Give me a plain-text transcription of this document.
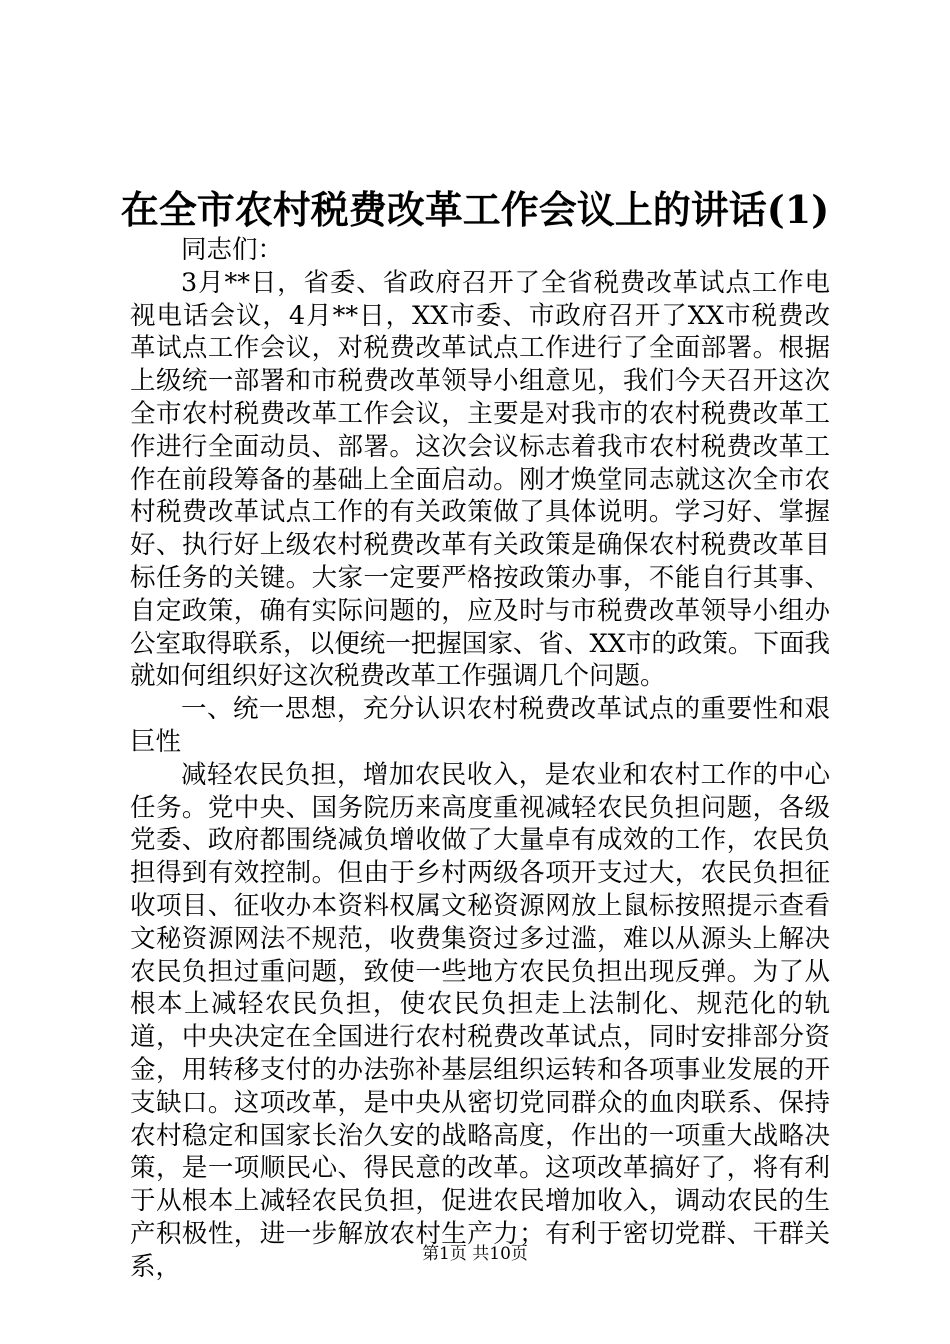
在全市农村税费改革工作会议上的讲话(1)

同志们：

3月**日，省委、省政府召开了全省税费改革试点工作电视电话会议，4月**日，XX市委、市政府召开了XX市税费改革试点工作会议，对税费改革试点工作进行了全面部署。根据上级统一部署和市税费改革领导小组意见，我们今天召开这次全市农村税费改革工作会议，主要是对我市的农村税费改革工作进行全面动员、部署。这次会议标志着我市农村税费改革工作在前段筹备的基础上全面启动。刚才焕堂同志就这次全市农村税费改革试点工作的有关政策做了具体说明。学习好、掌握好、执行好上级农村税费改革有关政策是确保农村税费改革目标任务的关键。大家一定要严格按政策办事，不能自行其事、自定政策，确有实际问题的，应及时与市税费改革领导小组办公室取得联系，以便统一把握国家、省、XX市的政策。下面我就如何组织好这次税费改革工作强调几个问题。

一、统一思想，充分认识农村税费改革试点的重要性和艰巨性

减轻农民负担，增加农民收入，是农业和农村工作的中心任务。党中央、国务院历来高度重视减轻农民负担问题，各级党委、政府都围绕减负增收做了大量卓有成效的工作，农民负担得到有效控制。但由于乡村两级各项开支过大，农民负担征收项目、征收办本资料权属文秘资源网放上鼠标按照提示查看文秘资源网法不规范，收费集资过多过滥，难以从源头上解决农民负担过重问题，致使一些地方农民负担出现反弹。为了从根本上减轻农民负担，使农民负担走上法制化、规范化的轨道，中央决定在全国进行农村税费改革试点，同时安排部分资金，用转移支付的办法弥补基层组织运转和各项事业发展的开支缺口。这项改革，是中央从密切党同群众的血肉联系、保持农村稳定和国家长治久安的战略高度，作出的一项重大战略决策，是一项顺民心、得民意的改革。这项改革搞好了，将有利于从根本上减轻农民负担，促进农民增加收入，调动农民的生产积极性，进一步解放农村生产力；有利于密切党群、干群关系，	第1页 共10页
